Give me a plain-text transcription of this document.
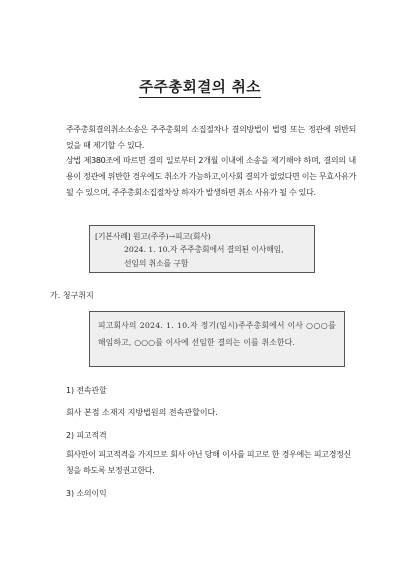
주주총회결의 취소
주주총회결의취소소송은 주주총회의 소집절차나 결의방법이 법령 또는 정관에 위반되었을 때 제기할 수 있다.
상법 제380조에 따르면 결의 일로부터 2개월 이내에 소송을 제기해야 하며, 결의의 내용이 정관에 위반한 경우에도 취소가 가능하고,이사회 결의가 없었다면 이는 무효사유가 될 수 있으며, 주주총회소집절차상 하자가 발생하면 취소 사유가 될 수 있다.
[기본사례] 원고(주주)→피고(회사)
2024. 1. 10.자 주주총회에서 결의된 이사해임,
선임의 취소를 구함
가. 청구취지
피고회사의 2024. 1. 10.자 정기(임시)주주총회에서 이사 ○○○를 해임하고, ○○○를 이사에 선임한 결의는 이를 취소한다.
1) 전속관할
회사 본점 소재지 지방법원의 전속관할이다.
2) 피고적격
회사만이 피고적격을 가지므로 회사 아닌 당해 이사를 피고로 한 경우에는 피고경정신청을 하도록 보정권고한다.
3) 소의이익
